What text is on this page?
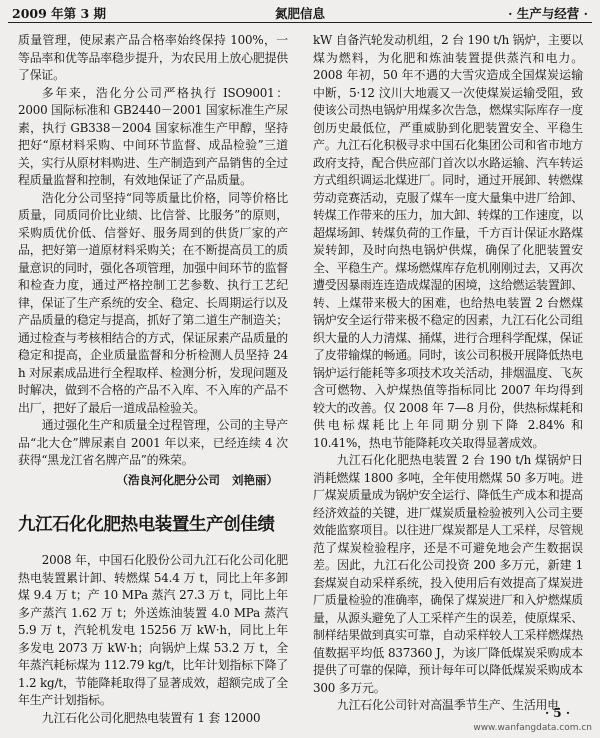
2009 年第 3 期	氮肥信息	· 生产与经营 ·

质量管理，使尿素产品合格率始终保持 100%，一等品率和优等品率稳步提升，为农民用上放心肥提供了保证。

多年来，浩化分公司严格执行 ISO9001：2000 国际标准和 GB2440－2001 国家标准生产尿素，执行 GB338－2004 国家标准生产甲醇，坚持把好“原材料采购、中间环节监督、成品检验”三道关，实行从原材料购进、生产制造到产品销售的全过程质量监督和控制，有效地保证了产品质量。

浩化分公司坚持“同等质量比价格，同等价格比质量，同质同价比业绩、比信誉、比服务”的原则，采购质优价低、信誉好、服务周到的供货厂家的产品，把好第一道原材料采购关；在不断提高员工的质量意识的同时，强化各项管理，加强中间环节的监督和检查力度，通过严格控制工艺参数、执行工艺纪律，保证了生产系统的安全、稳定、长周期运行以及产品质量的稳定与提高，抓好了第二道生产制造关；通过检查与考核相结合的方式，保证尿素产品质量的稳定和提高，企业质量监督和分析检测人员坚持 24 h 对尿素成品进行全程取样、检测分析，发现问题及时解决，做到不合格的产品不入库、不入库的产品不出厂，把好了最后一道成品检验关。

通过强化生产和质量全过程管理，公司的主导产品“北大仓”牌尿素自 2001 年以来，已经连续 4 次获得“黑龙江省名牌产品”的殊荣。

（浩良河化肥分公司 刘艳丽）

九江石化化肥热电装置生产创佳绩

2008 年，中国石化股份公司九江石化公司化肥热电装置累计卸、转燃煤 54.4 万 t，同比上年多卸煤 9.4 万 t；产 10 MPa 蒸汽 27.3 万 t，同比上年多产蒸汽 1.62 万 t；外送炼油装置 4.0 MPa 蒸汽 5.9 万 t，汽轮机发电 15256 万 kW·h，同比上年多发电 2073 万 kW·h；向锅炉上煤 53.2 万 t，全年蒸汽耗标煤为 112.79 kg/t，比年计划指标下降了 1.2 kg/t，节能降耗取得了显著成效，超额完成了全年生产计划指标。

九江石化公司化肥热电装置有 1 套 12000

kW 自备汽轮发动机组，2 台 190 t/h 锅炉，主要以煤为燃料，为化肥和炼油装置提供蒸汽和电力。2008 年初，50 年不遇的大雪灾造成全国煤炭运输中断，5·12 汶川大地震又一次使煤炭运输受阻，致使该公司热电锅炉用煤多次告急，燃煤实际库存一度创历史最低位，严重威胁到化肥装置安全、平稳生产。九江石化积极寻求中国石化集团公司和省市地方政府支持，配合供应部门首次以水路运输、汽车转运方式组织调运北煤进厂。同时，通过开展卸、转燃煤劳动竞赛活动，克服了煤车一度大量集中进厂给卸、转煤工作带来的压力，加大卸、转煤的工作速度，以超煤场卸、转煤负荷的工作量，千方百计保证水路煤炭转卸，及时向热电锅炉供煤，确保了化肥装置安全、平稳生产。煤场燃煤库存危机刚刚过去，又再次遭受因暴雨连连造成煤湿的困境，这给燃运装置卸、转、上煤带来极大的困难，也给热电装置 2 台燃煤锅炉安全运行带来极不稳定的因素，九江石化公司组织大量的人力清煤、捅煤，进行合理科学配煤，保证了皮带输煤的畅通。同时，该公司积极开展降低热电锅炉运行能耗等多项技术攻关活动，排烟温度、飞灰含可燃物、入炉煤热值等指标同比 2007 年均得到较大的改善。仅 2008 年 7—8 月份，供热标煤耗和供电标煤耗比上年同期分别下降 2.84% 和 10.41%，热电节能降耗攻关取得显著成效。

九江石化化肥热电装置 2 台 190 t/h 煤锅炉日消耗燃煤 1800 多吨，全年使用燃煤 50 多万吨。进厂煤炭质量成为锅炉安全运行、降低生产成本和提高经济效益的关键，进厂煤炭质量检验被列入公司主要效能监察项目。以往进厂煤炭都是人工采样，尽管规范了煤炭检验程序，还是不可避免地会产生数据误差。因此，九江石化公司投资 200 多万元，新建 1 套煤炭自动采样系统，投入使用后有效提高了煤炭进厂质量检验的准确率，确保了煤炭进厂和入炉燃煤质量，从源头避免了人工采样产生的误差，使原煤采、制样结果做到真实可靠，自动采样较人工采样燃煤热值数据平均低 837360 J，为该厂降低煤炭采购成本提供了可靠的保障，预计每年可以降低煤炭采购成本 300 多万元。

九江石化公司针对高温季节生产、生活用电

· 5 ·
www.wanfangdata.com.cn
